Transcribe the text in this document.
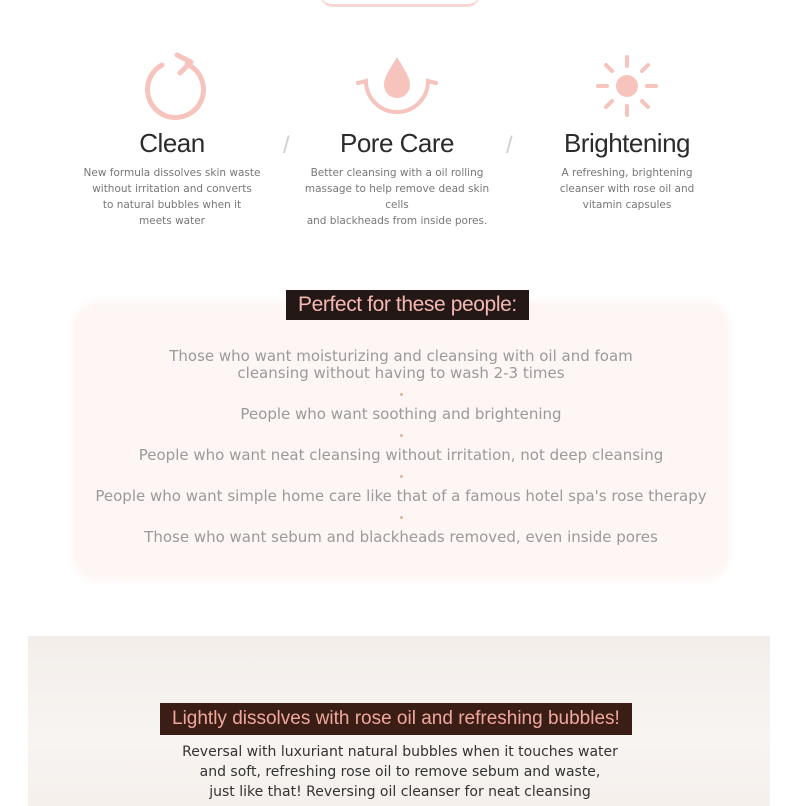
Clean
New formula dissolves skin waste
without irritation and converts
to natural bubbles when it
meets water
/	Pore Care
Better cleansing with a oil rolling
massage to help remove dead skin cells
and blackheads from inside pores.
/	Brightening
A refreshing, brightening
cleanser with rose oil and
vitamin capsules
Perfect for these people:
Those who want moisturizing and cleansing with oil and foam
cleansing without having to wash 2-3 times
People who want soothing and brightening
People who want neat cleansing without irritation, not deep cleansing
People who want simple home care like that of a famous hotel spa's rose therapy
Those who want sebum and blackheads removed, even inside pores
Lightly dissolves with rose oil and refreshing bubbles!
Reversal with luxuriant natural bubbles when it touches water
and soft, refreshing rose oil to remove sebum and waste,
just like that! Reversing oil cleanser for neat cleansing
